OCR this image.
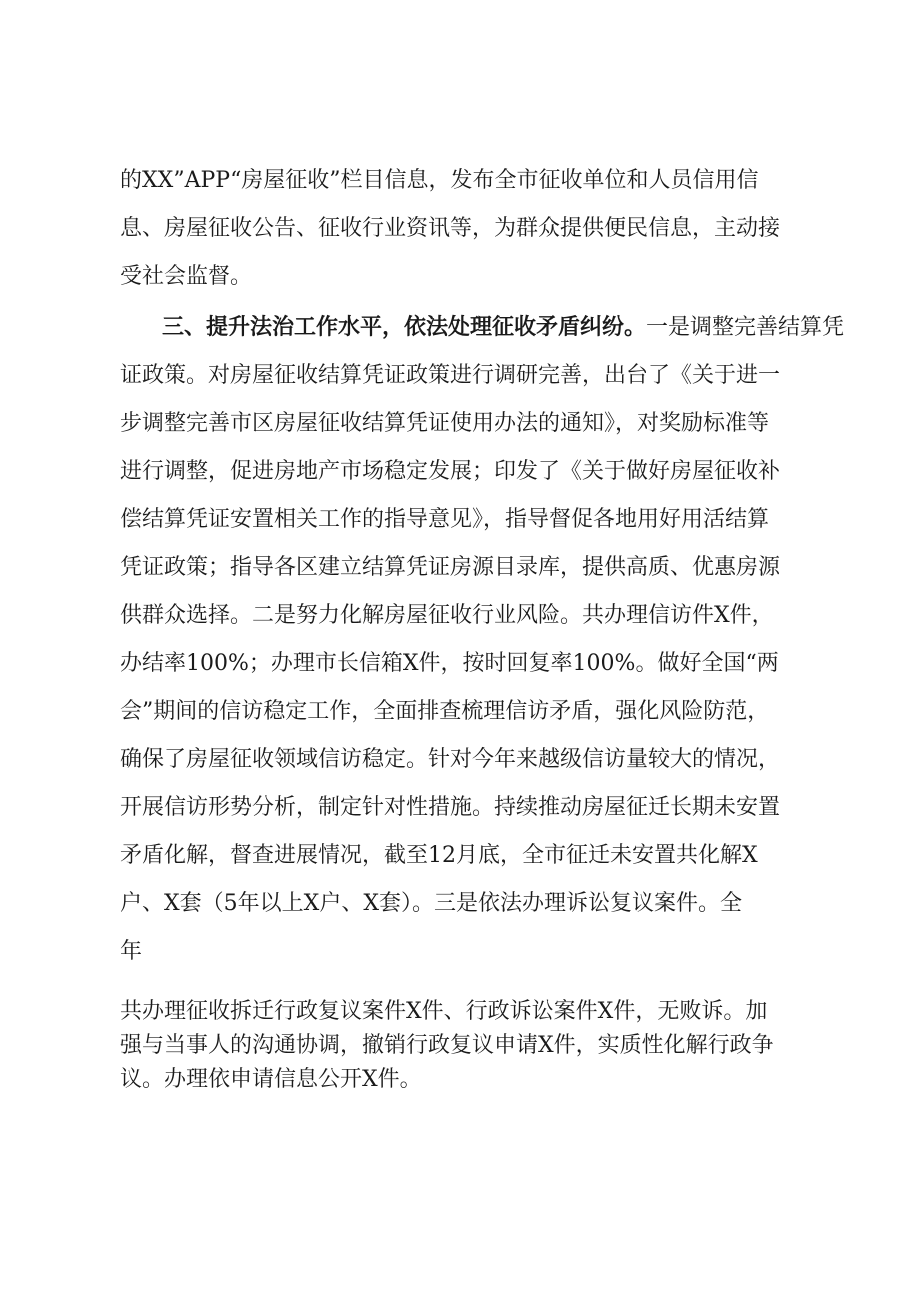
的XX”APP“房屋征收”栏目信息，发布全市征收单位和人员信用信
息、房屋征收公告、征收行业资讯等，为群众提供便民信息，主动接
受社会监督。
三、提升法治工作水平，依法处理征收矛盾纠纷。一是调整完善结算凭
证政策。对房屋征收结算凭证政策进行调研完善，出台了《关于进一
步调整完善市区房屋征收结算凭证使用办法的通知》，对奖励标准等
进行调整，促进房地产市场稳定发展；印发了《关于做好房屋征收补
偿结算凭证安置相关工作的指导意见》，指导督促各地用好用活结算
凭证政策；指导各区建立结算凭证房源目录库，提供高质、优惠房源
供群众选择。二是努力化解房屋征收行业风险。共办理信访件X件，
办结率100%；办理市长信箱X件，按时回复率100%。做好全国“两
会”期间的信访稳定工作，全面排查梳理信访矛盾，强化风险防范，
确保了房屋征收领域信访稳定。针对今年来越级信访量较大的情况，
开展信访形势分析，制定针对性措施。持续推动房屋征迁长期未安置
矛盾化解，督查进展情况，截至12月底，全市征迁未安置共化解X
户、X套（5年以上X户、X套）。三是依法办理诉讼复议案件。全
年
共办理征收拆迁行政复议案件X件、行政诉讼案件X件，无败诉。加
强与当事人的沟通协调，撤销行政复议申请X件，实质性化解行政争
议。办理依申请信息公开X件。
